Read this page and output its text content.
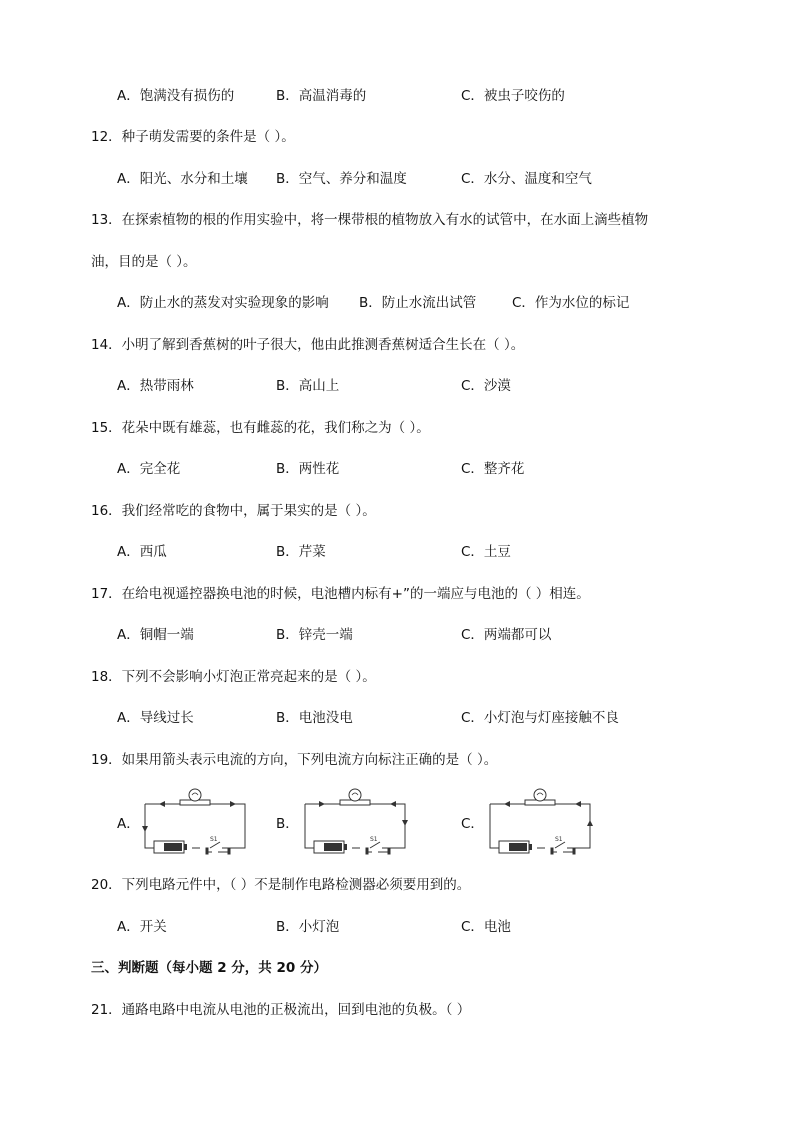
A．饱满没有损伤的	B．高温消毒的	C．被虫子咬伤的
12．种子萌发需要的条件是（ ）。
A．阳光、水分和土壤 B．空气、养分和温度	C．水分、温度和空气
13．在探索植物的根的作用实验中，将一棵带根的植物放入有水的试管中，在水面上滴些植物
油，目的是（ ）。
A．防止水的蒸发对实验现象的影响 B．防止水流出试管	C．作为水位的标记
14．小明了解到香蕉树的叶子很大，他由此推测香蕉树适合生长在（ ）。
A．热带雨林	B．高山上	C．沙漠
15．花朵中既有雄蕊，也有雌蕊的花，我们称之为（ ）。
A．完全花	B．两性花	C．整齐花
16．我们经常吃的食物中，属于果实的是（ ）。
A．西瓜	B．芹菜	C．土豆
17．在给电视遥控器换电池的时候，电池槽内标有+”的一端应与电池的（ ）相连。
A．铜帽一端	B．锌壳一端	C．两端都可以
18．下列不会影响小灯泡正常亮起来的是（ ）。
A．导线过长	B．电池没电	C．小灯泡与灯座接触不良
19．如果用箭头表示电流的方向，下列电流方向标注正确的是（ ）。
A．
S1
B．
S1
C．
S1
20．下列电路元件中，（ ）不是制作电路检测器必须要用到的。
A．开关	B．小灯泡	C．电池
三、判断题（每小题 2 分，共 20 分）
21．通路电路中电流从电池的正极流出，回到电池的负极。（ ）
